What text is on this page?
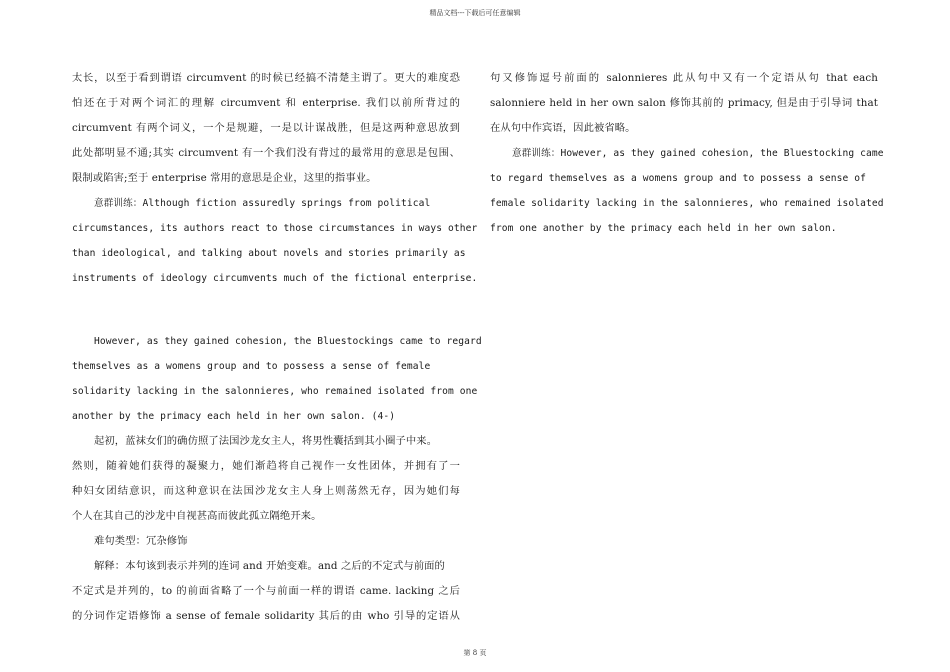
精品文档---下载后可任意编辑
太长，以至于看到谓语 circumvent 的时候已经搞不清楚主谓了。更大的难度恐
怕还在于对两个词汇的理解 circumvent 和 enterprise. 我们以前所背过的
circumvent 有两个词义，一个是规避，一是以计谋战胜，但是这两种意思放到
此处都明显不通;其实 circumvent 有一个我们没有背过的最常用的意思是包围、
限制或陷害;至于 enterprise 常用的意思是企业，这里的指事业。
意群训练：Although fiction assuredly springs from political
circumstances, its authors react to those circumstances in ways other
than ideological, and talking about novels and stories primarily as
instruments of ideology circumvents much of the fictional enterprise.
However, as they gained cohesion, the Bluestockings came to regard
themselves as a womens group and to possess a sense of female
solidarity lacking in the salonnieres, who remained isolated from one
another by the primacy each held in her own salon. (4-)
起初，蓝袜女们的确仿照了法国沙龙女主人，将男性囊括到其小圈子中来。
然则，随着她们获得的凝聚力，她们渐趋将自己视作一女性团体，并拥有了一
种妇女团结意识，而这种意识在法国沙龙女主人身上则荡然无存，因为她们每
个人在其自己的沙龙中自视甚高而彼此孤立隔绝开来。
难句类型：冗杂修饰
解释：本句该到表示并列的连词 and 开始变难。and 之后的不定式与前面的
不定式是并列的，to 的前面省略了一个与前面一样的谓语 came. lacking 之后
的分词作定语修饰 a sense of female solidarity 其后的由 who 引导的定语从
句又修饰逗号前面的 salonnieres 此从句中又有一个定语从句 that each
salonniere held in her own salon 修饰其前的 primacy, 但是由于引导词 that
在从句中作宾语，因此被省略。
意群训练：However, as they gained cohesion, the Bluestocking came
to regard themselves as a womens group and to possess a sense of
female solidarity lacking in the salonnieres, who remained isolated
from one another by the primacy each held in her own salon.
第 8 页
